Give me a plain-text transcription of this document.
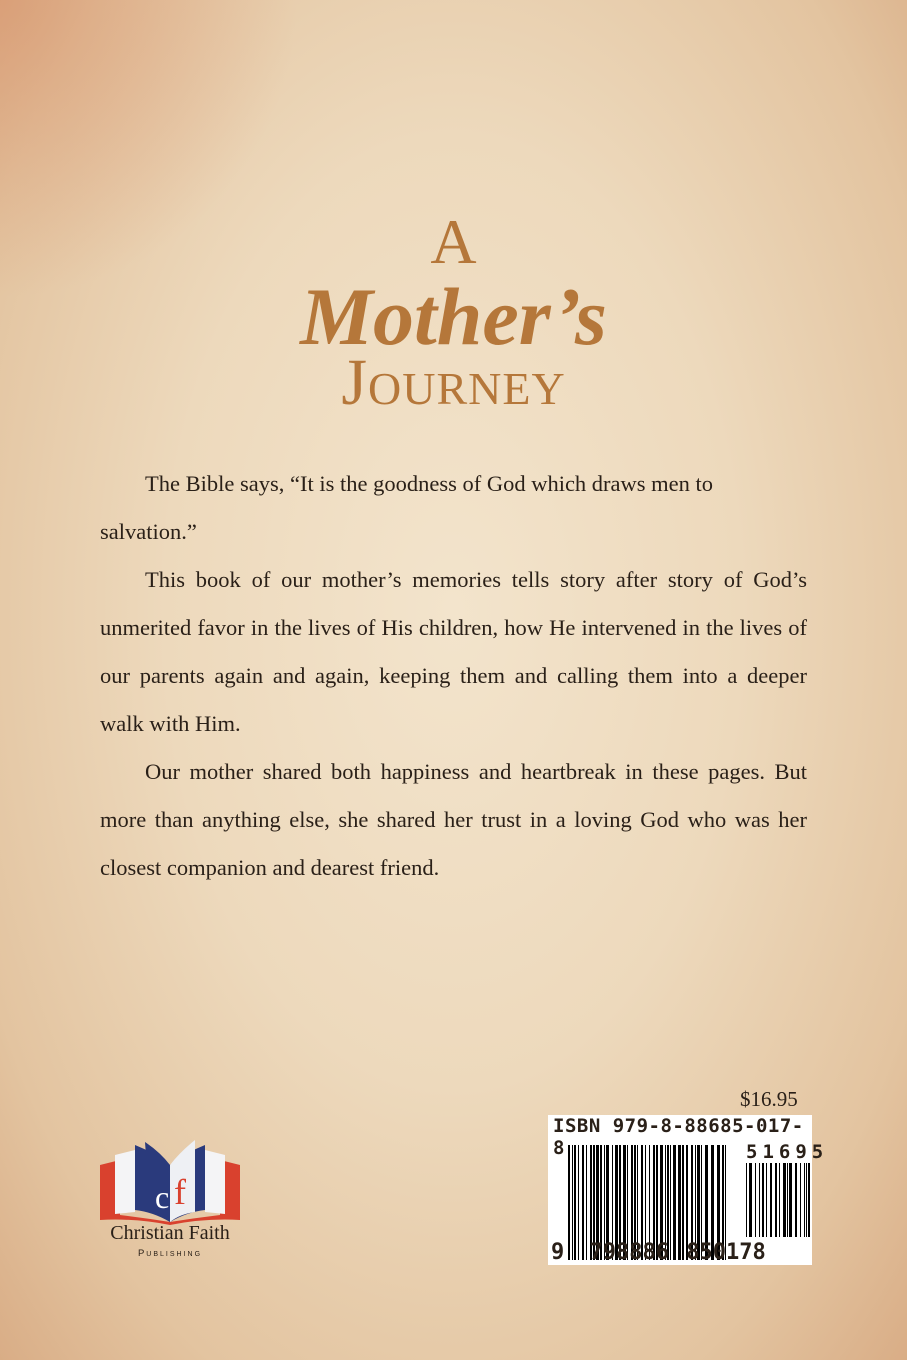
A
Mother’s
Journey

The Bible says, “It is the goodness of God which draws men to salvation.”

This book of our mother’s memories tells story after story of God’s unmerited favor in the lives of His children, how He intervened in the lives of our parents again and again, keeping them and calling them into a deeper walk with Him.

Our mother shared both happiness and heartbreak in these pages. But more than anything else, she shared her trust in a loving God who was her closest companion and dearest friend.

$16.95
ISBN 979-8-88685-017-8	51695
9 798886 850178
c f
Christian Faith
Publishing
